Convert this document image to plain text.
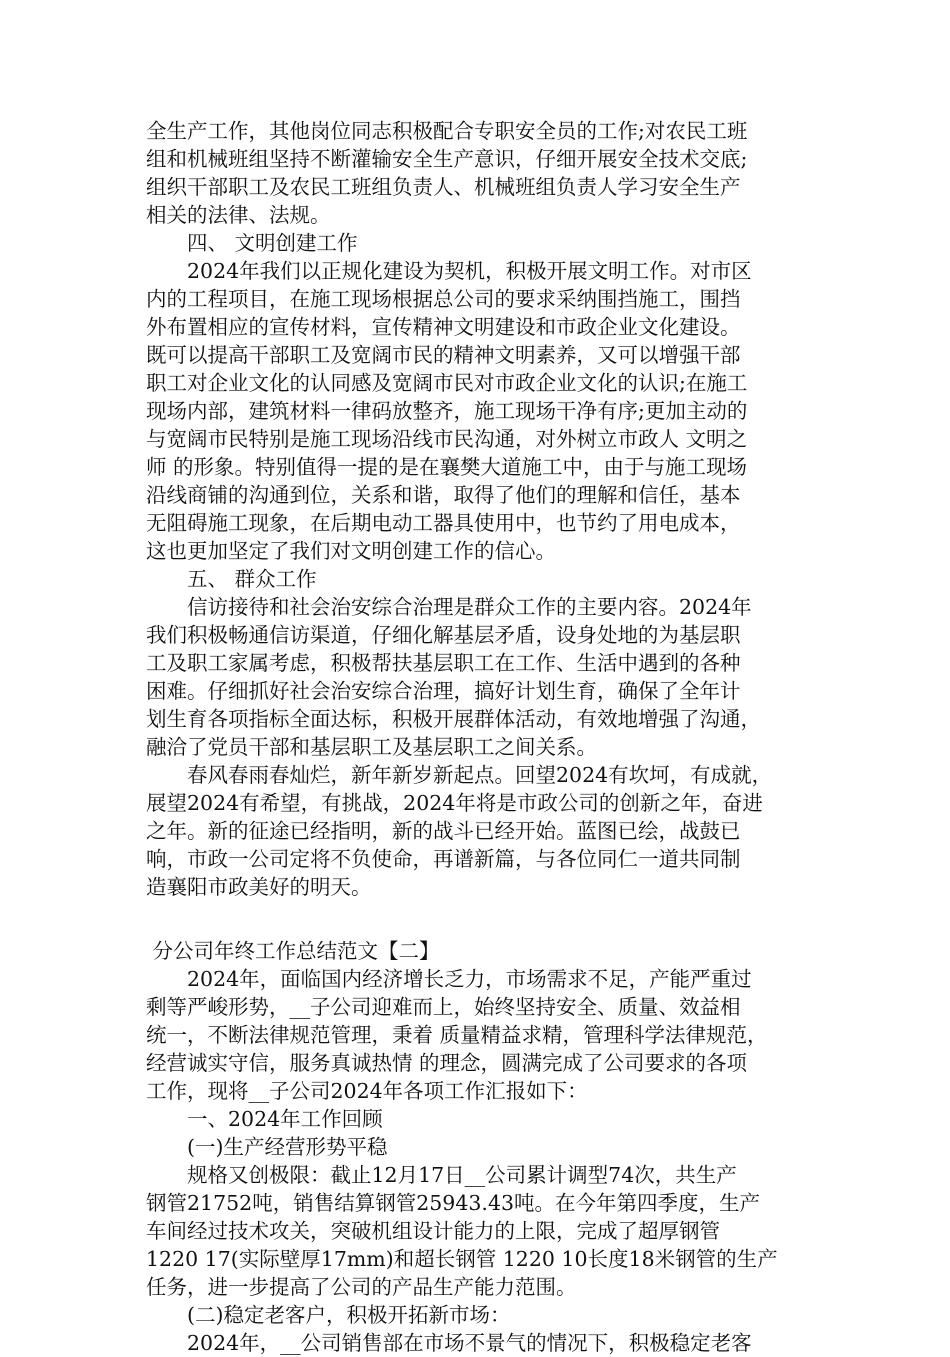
全生产工作，其他岗位同志积极配合专职安全员的工作;对农民工班
组和机械班组坚持不断灌输安全生产意识，仔细开展安全技术交底;
组织干部职工及农民工班组负责人、机械班组负责人学习安全生产
相关的法律、法规。
　　四、 文明创建工作
　　2024年我们以正规化建设为契机，积极开展文明工作。对市区
内的工程项目，在施工现场根据总公司的要求采纳围挡施工，围挡
外布置相应的宣传材料，宣传精神文明建设和市政企业文化建设。
既可以提高干部职工及宽阔市民的精神文明素养，又可以增强干部
职工对企业文化的认同感及宽阔市民对市政企业文化的认识;在施工
现场内部，建筑材料一律码放整齐，施工现场干净有序;更加主动的
与宽阔市民特别是施工现场沿线市民沟通，对外树立市政人 文明之
师 的形象。特别值得一提的是在襄樊大道施工中，由于与施工现场
沿线商铺的沟通到位，关系和谐，取得了他们的理解和信任，基本
无阻碍施工现象，在后期电动工器具使用中，也节约了用电成本，
这也更加坚定了我们对文明创建工作的信心。
　　五、 群众工作
　　信访接待和社会治安综合治理是群众工作的主要内容。2024年
我们积极畅通信访渠道，仔细化解基层矛盾，设身处地的为基层职
工及职工家属考虑，积极帮扶基层职工在工作、生活中遇到的各种
困难。仔细抓好社会治安综合治理，搞好计划生育，确保了全年计
划生育各项指标全面达标，积极开展群体活动，有效地增强了沟通，
融洽了党员干部和基层职工及基层职工之间关系。
　　春风春雨春灿烂，新年新岁新起点。回望2024有坎坷，有成就，
展望2024有希望，有挑战，2024年将是市政公司的创新之年，奋进
之年。新的征途已经指明，新的战斗已经开始。蓝图已绘，战鼓已
响，市政一公司定将不负使命，再谱新篇，与各位同仁一道共同制
造襄阳市政美好的明天。
分公司年终工作总结范文【二】
　　2024年，面临国内经济增长乏力，市场需求不足，产能严重过
剩等严峻形势，__子公司迎难而上，始终坚持安全、质量、效益相
统一，不断法律规范管理，秉着 质量精益求精，管理科学法律规范，
经营诚实守信，服务真诚热情 的理念，圆满完成了公司要求的各项
工作，现将__子公司2024年各项工作汇报如下：
　　一、2024年工作回顾
　　(一)生产经营形势平稳
　　规格又创极限：截止12月17日__公司累计调型74次，共生产
钢管21752吨，销售结算钢管25943.43吨。在今年第四季度，生产
车间经过技术攻关，突破机组设计能力的上限，完成了超厚钢管
1220 17(实际壁厚17mm)和超长钢管 1220 10长度18米钢管的生产
任务，进一步提高了公司的产品生产能力范围。
　　(二)稳定老客户，积极开拓新市场：
　　2024年，__公司销售部在市场不景气的情况下，积极稳定老客
